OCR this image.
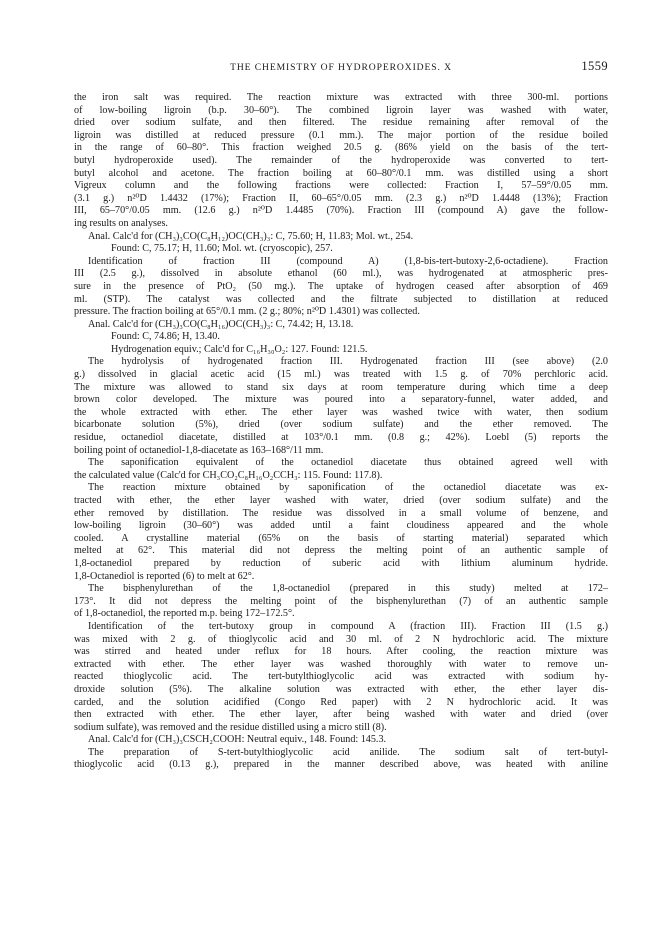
THE CHEMISTRY OF HYDROPEROXIDES. X	1559
the iron salt was required. The reaction mixture was extracted with three 300-ml. portions
of low-boiling ligroin (b.p. 30–60°). The combined ligroin layer was washed with water,
dried over sodium sulfate, and then filtered. The residue remaining after removal of the
ligroin was distilled at reduced pressure (0.1 mm.). The major portion of the residue boiled
in the range of 60–80°. This fraction weighed 20.5 g. (86% yield on the basis of the tert-
butyl hydroperoxide used). The remainder of the hydroperoxide was converted to tert-
butyl alcohol and acetone. The fraction boiling at 60–80°/0.1 mm. was distilled using a short
Vigreux column and the following fractions were collected: Fraction I, 57–59°/0.05 mm.
(3.1 g.) n²⁰D 1.4432 (17%); Fraction II, 60–65°/0.05 mm. (2.3 g.) n²⁰D 1.4448 (13%); Fraction
III, 65–70°/0.05 mm. (12.6 g.) n²⁰D 1.4485 (70%). Fraction III (compound A) gave the follow-
ing results on analyses.
Anal. Calc'd for (CH₃)₃CO(C₈H₁₂)OC(CH₃)₃: C, 75.60; H, 11.83; Mol. wt., 254.
Found: C, 75.17; H, 11.60; Mol. wt. (cryoscopic), 257.
Identification of fraction III (compound A) (1,8-bis-tert-butoxy-2,6-octadiene). Fraction
III (2.5 g.), dissolved in absolute ethanol (60 ml.), was hydrogenated at atmospheric pres-
sure in the presence of PtO₂ (50 mg.). The uptake of hydrogen ceased after absorption of 469
ml. (STP). The catalyst was collected and the filtrate subjected to distillation at reduced
pressure. The fraction boiling at 65°/0.1 mm. (2 g.; 80%; n²⁰D 1.4301) was collected.
Anal. Calc'd for (CH₃)₃CO(C₈H₁₆)OC(CH₃)₃: C, 74.42; H, 13.18.
Found: C, 74.86; H, 13.40.
Hydrogenation equiv.; Calc'd for C₁₆H₃₀O₂: 127. Found: 121.5.
The hydrolysis of hydrogenated fraction III. Hydrogenated fraction III (see above) (2.0
g.) dissolved in glacial acetic acid (15 ml.) was treated with 1.5 g. of 70% perchloric acid.
The mixture was allowed to stand six days at room temperature during which time a deep
brown color developed. The mixture was poured into a separatory-funnel, water added, and
the whole extracted with ether. The ether layer was washed twice with water, then sodium
bicarbonate solution (5%), dried (over sodium sulfate) and the ether removed. The
residue, octanediol diacetate, distilled at 103°/0.1 mm. (0.8 g.; 42%). Loebl (5) reports the
boiling point of octanediol-1,8-diacetate as 163–168°/11 mm.
The saponification equivalent of the octanediol diacetate thus obtained agreed well with
the calculated value (Calc'd for CH₃CO₂C₈H₁₆O₂CCH₃: 115. Found: 117.8).
The reaction mixture obtained by saponification of the octanediol diacetate was ex-
tracted with ether, the ether layer washed with water, dried (over sodium sulfate) and the
ether removed by distillation. The residue was dissolved in a small volume of benzene, and
low-boiling ligroin (30–60°) was added until a faint cloudiness appeared and the whole
cooled. A crystalline material (65% on the basis of starting material) separated which
melted at 62°. This material did not depress the melting point of an authentic sample of
1,8-octanediol prepared by reduction of suberic acid with lithium aluminum hydride.
1,8-Octanediol is reported (6) to melt at 62°.
The bisphenylurethan of the 1,8-octanediol (prepared in this study) melted at 172–
173°. It did not depress the melting point of the bisphenylurethan (7) of an authentic sample
of 1,8-octanediol, the reported m.p. being 172–172.5°.
Identification of the tert-butoxy group in compound A (fraction III). Fraction III (1.5 g.)
was mixed with 2 g. of thioglycolic acid and 30 ml. of 2 N hydrochloric acid. The mixture
was stirred and heated under reflux for 18 hours. After cooling, the reaction mixture was
extracted with ether. The ether layer was washed thoroughly with water to remove un-
reacted thioglycolic acid. The tert-butylthioglycolic acid was extracted with sodium hy-
droxide solution (5%). The alkaline solution was extracted with ether, the ether layer dis-
carded, and the solution acidified (Congo Red paper) with 2 N hydrochloric acid. It was
then extracted with ether. The ether layer, after being washed with water and dried (over
sodium sulfate), was removed and the residue distilled using a micro still (8).
Anal. Calc'd for (CH₃)₃CSCH₂COOH: Neutral equiv., 148. Found: 145.3.
The preparation of S-tert-butylthioglycolic acid anilide. The sodium salt of tert-butyl-
thioglycolic acid (0.13 g.), prepared in the manner described above, was heated with aniline
